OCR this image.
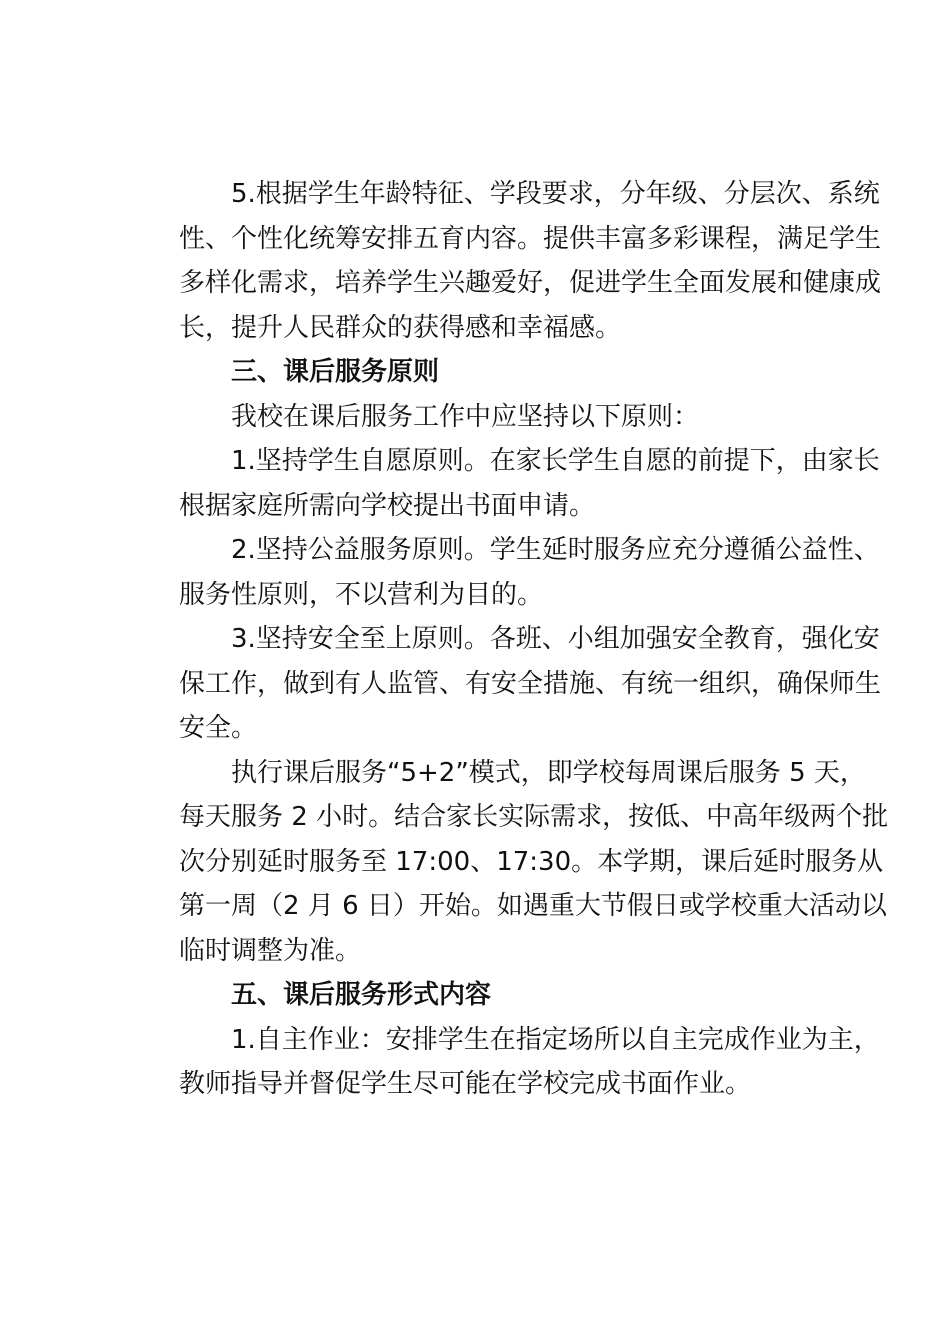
5.根据学生年龄特征、学段要求，分年级、分层次、系统
性、个性化统筹安排五育内容。提供丰富多彩课程，满足学生
多样化需求，培养学生兴趣爱好，促进学生全面发展和健康成
长，提升人民群众的获得感和幸福感。
三、课后服务原则
我校在课后服务工作中应坚持以下原则：
1.坚持学生自愿原则。在家长学生自愿的前提下，由家长
根据家庭所需向学校提出书面申请。
2.坚持公益服务原则。学生延时服务应充分遵循公益性、
服务性原则，不以营利为目的。
3.坚持安全至上原则。各班、小组加强安全教育，强化安
保工作，做到有人监管、有安全措施、有统一组织，确保师生
安全。
执行课后服务“5+2”模式，即学校每周课后服务 5 天，
每天服务 2 小时。结合家长实际需求，按低、中高年级两个批
次分别延时服务至 17:00、17:30。本学期，课后延时服务从
第一周（2 月 6 日）开始。如遇重大节假日或学校重大活动以
临时调整为准。
五、课后服务形式内容
1.自主作业：安排学生在指定场所以自主完成作业为主，
教师指导并督促学生尽可能在学校完成书面作业。
